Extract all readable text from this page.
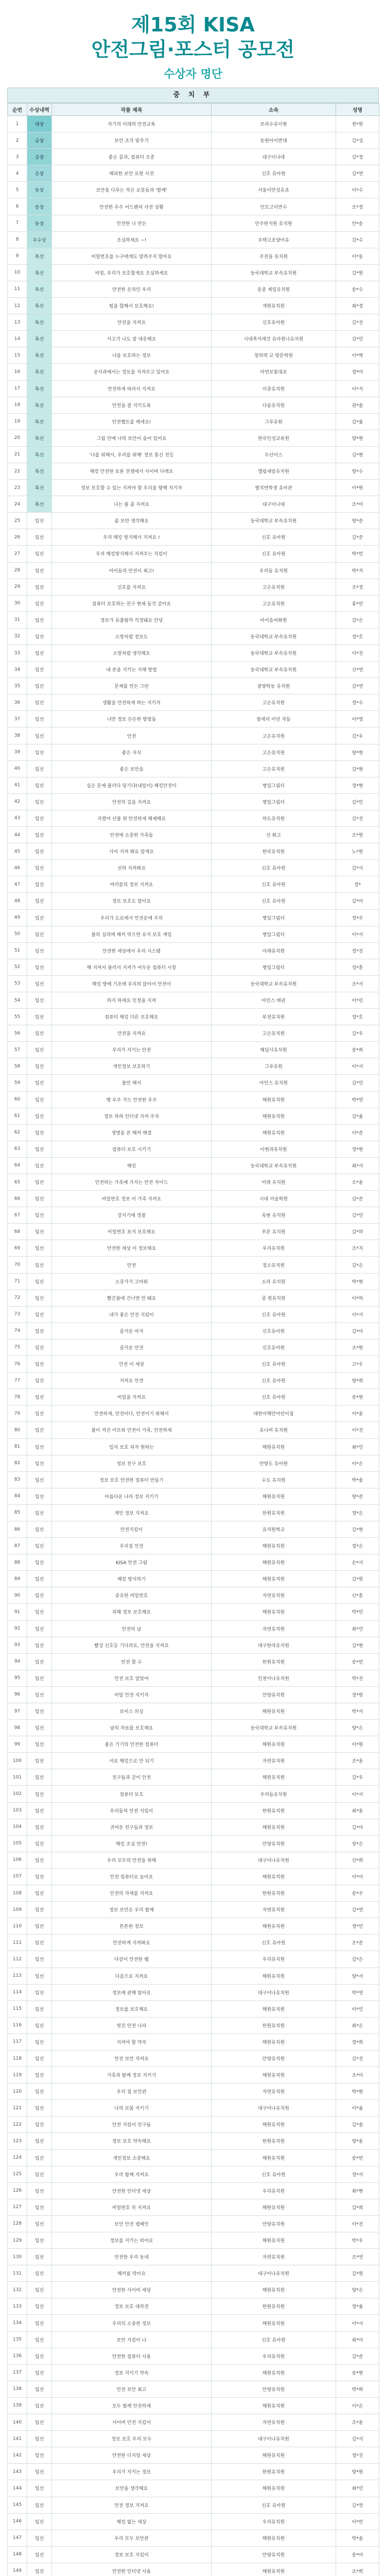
제15회 KISA
안전그림·포스터 공모전
수상자 명단
중 치 부
순번	수상내역	작품 제목	소속	성명
1	대상	자기의 미래의 안전교육	보라수유이현	천*원
2	금상	보안 조각 맞추기	동원아이반대	김*성
3	금상	좋은 꿈과, 컴퓨터 조종	대구이나대	김*정
4	은상	해피한 보안 요원 사전	신호 유아원	김*연
5	동상	보안을 다루는 작은 로봇들과 '함께'	서울이안성유초	이*수
6	동상	안전한 우주 어드벤처 사전 상황	인모고이만수	조*정
7	동상	안전한 나 만든	안주한지원 유치원	안*송
8	우수상	조심하세요 ~!	주택고초양어유	김*수
9	특선	비밀번호를 누구에게도 알려주지 말아요	주전을 유치원	이*동
10	특선	비빔, 우리가 보호할게요 조심하세요	동국대학교 부속유치원	김*원
11	특선	안전한 온라인 우리	웅중 제일유치원	송*수
12	특선	힘을 합해서 보호해요!	개원유치원	최*경
13	특선	안전을 지켜요	신호유아원	김*진
14	특선	사고가 나도 잘 대응해요	시대축지레건 유아원나유치원	김*민
15	특선	나를 보호하는 정보	창의력 교 방문학원	이*혁
16	특선	공사과에서는 정보를 지켜주고 있어요	아연보통대초	정*아
17	특선	안전하게 따라서 지켜요	이중유치원	이*지
18	특선	안전을 잘 지키도록	다솜유치원	권*솔
19	특선	안전벨트를 매세요!	그루유원	김*율
20	특선	그림 안에 나의 보안이 숨어 있어요	한국인성교육원	양*현
21	특선	'나를 위해서, 우리를 위해' 정보 통신 전등	두산이스	김*현
22	특선	해킹 안전한 토론 전쟁에서 사이버 다레요	엘림새알유치원	양*수
23	특선	정보 보호할 수 있는 지켜야 할 우리를 향해 지키자	펼치면학생 유아관	이*원
24	특선	나는 불 좀 지켜요	대구이나대	조*미
25	입선	좀 보안 생각해요	동국대학교 부속유치원	양*준
26	입선	우리 해킹 방지해서 지켜요 !	신호 유아원	김*준
27	입선	우리 해킹방지해서 지켜주는 지킴이	신호 유아원	박*빈
28	입선	아이들의 안전이 최고!	우리들 유치원	박*지
29	입선	신호를 지켜요	고은유치원	조*정
30	입선	컴퓨터 보호하는 친구 현재 들것 같아요	고은유치원	홍*빈
31	입선	정보가 유출될까 걱정돼요 안녕	아이솜씨화원	김*은
32	입선	소방처럼 정보도	동국대학교 부속유치원	정*호
33	입선	소방처럼 생각해요	동국대학교 부속유치원	이*진
34	입선	내 폰을 지키는 지혜 방법	동국대학교 부속유치원	신*연
35	입선	문제를 만든 그런	광양학동 유치원	김*연
36	입선	생활을 안전하게 하는 지키자	고은유치원	정*수
37	입선	나만 정보 든든한 방법들	필세리 어린 자들	이*영
38	입선	안전	고은유치원	김*우
39	입선	좋은 지식	고은유치원	양*현
40	입선	좋은 보안을	고은유치원	김*현
41	입선	실은 문제 불러다 당기다(내일이) 해킹안전이	병일그림터	정*현
42	입선	안전의 길을 지켜요	병일그림터	김*민
43	입선	지켰어 산불 위 안전하게 해제해요	하도유치원	김*진
44	입선	안전에 소중한 가족들	선 화고	조*원
45	입선	사이 지켜 봐요 알게요	한국유치원	노*원
46	입선	선의 지켜봐요	신호 유아원	김*서
47	입선	여러분의 정보 지켜요	신호 유아원	정*
48	입선	정보 보호도 알아요	신호 유아원	김*아
49	입선	우리가 도로에서 안전운에 주의	병일그림터	정*주
50	입선	불의 심의에 해커 막으면 유지 보호 게임	병일그림터	이*서
51	입선	안전한 세상에서 우리 시스템	아래유치원	정*진
52	입선	해 지켜서 불러서 지켜가 어두운 컴퓨터 시장	병일그림터	성*훈
53	입선	해킹 방에 기초에 우리의 앉아서 안전이	동국대학교 부속유치원	조*서
54	입선	하지 하세요 인정을 지켜	아인스 태권	이*린
55	입선	컴퓨터 해킹 다른 보호해요	부천유치원	정*호
56	입선	안전을 지켜요	고은유치원	김*우
57	입선	우리가 지키는 안전	해딜사유치원	송*희
58	입선	개인정보 보호하기	그루유원	이*서
59	입선	불안 해서	아인스 유치원	김*민
60	입선	행 우주 가드 안전한 우주	해원유치원	박*연
61	입선	정보 하하 인터넷 지켜 주자	해원유치원	김*율
62	입선	생명을 본 해커 해결	해원유치원	이*준
63	입선	컴퓨터 보호 시키기	이현과유치원	정*현
64	입선	해킹	동국대학교 부속유치원	최*서
65	입선	안전하는 가족에 가지는 안전 자이드	미래 유치원	오*윤
66	입선	비밀번호 정보 이 가족 지켜요	시대 미술학원	김*준
67	입선	강지기에 경찰	옥현 유치원	김*민
68	입선	비밀번호 표지 보호해요	푸른 유치원	김*하
69	입선	안전한 세상 이 정보해요	우리유치원	조*지
70	입선	안전	정소유치원	김*은
71	입선	소중가가 고마워	소라 유치원	박*현
72	입선	빨간불에 건너면 안 돼요	중 원유치원	이*하
73	입선	내가 좋은 안전 지킴이	신호 유아원	이*서
74	입선	즐거운 마지	신호유아원	김*아
75	입선	즐거운 안전	신호유아원	조*원
76	입선	안전 이 세상	신호 유아원	고*우
77	입선	지켜요 안전	신호 유아원	양*희
78	입선	비밀을 지켜요	신호 유아원	송*현
79	입선	안전하게, 안전이다, 안전이기 위해서	대한이해안어린이집	이*윤
80	입선	불이 꺼진 이모와 안전이 가족, 안전하게	유니버 유치원	이*진
81	입선	일자 보호 피자 원하는	해원유치원	최*인
82	입선	정보 친구 보호	안양도 유아원	이*은
83	입선	정보 보호 안전한 컴퓨터 만들기	수도 유치원	박*솔
84	입선	아름다운 나라 정보 지키기	해원유치원	양*준
85	입선	개인 정보 지켜요	한원유치원	정*은
86	입선	안전지킴이	유치원학교	김*현
87	입선	우리집 안전	해원유치원	정*은
88	입선	KISA 안전 그림	해원유치원	손*서
89	입선	해킹 방지하기	해원유치원	김*원
90	입선	중요한 비밀번호	자연유치원	신*훈
91	입선	피해 정보 보호해요	해원유치원	박*민
92	입선	안전의 날	자연유치원	최*민
93	입선	빨강 신호등 기다려요, 안전을 지켜요	대구한라유치원	김*현
94	입선	안전 할 수	한원유치원	송*빈
95	입선	안전 보호 알았어	인천이나유치원	박*진
96	입선	비밀 안전 지키자	안양유치원	정*원
97	입선	보이스 피싱	해원유치원	박*서
98	입선	남의 자료를 보호해요	동국대학교 부속유치원	양*은
99	입선	좋은 기기의 안전한 컴퓨터	해원유치원	이*원
100	입선	서로 해킹으로 안 되기	자연유치원	조*윤
101	입선	친구들과 같이 안전	해원유치원	김*우
102	입선	컴퓨터 보호	우리들유치원	이*서
103	입선	우리들의 안전 지킴이	한원유치원	최*윤
104	입선	귀여운 친구들과 정보	해원유치원	김*아
105	입선	해킹 조심 안전!	안양유치원	장*은
106	입선	우리 모두의 안전을 위해	대구이나유치원	신*희
107	입선	안전 컴퓨터로 놀아요	해원유치원	이*아
108	입선	안전의 자세를 지켜요	한원유치원	송*주
109	입선	정보 보안은 우리 함께	자연유치원	김*연
110	입선	튼튼한 정보	해원유치원	정*민
111	입선	안전하게 지켜봐요	신호 유아원	조*준
112	입선	다같이 안전한 웹	우리유치원	김*은
113	입선	다음으로 지켜요	해원유치원	양*서
114	입선	정보에 관해 알아요	대구이나유치원	박*연
115	입선	정보를 보호해요	해원유치원	이*민
116	입선	멋진 안전 나라	한원유치원	최*은
117	입선	지켜야 할 약속	해원유치원	정*희
118	입선	안전 보안 지켜요	안양유치원	김*진
119	입선	가족과 함께 정보 지키기	해원유치원	조*아
120	입선	우리 집 보안관	자연유치원	박*원
121	입선	나의 보물 지키기	대구이나유치원	이*율
122	입선	안전 지킴이 친구들	해원유치원	김*솔
123	입선	정보 보호 약속해요	한원유치원	양*윤
124	입선	개인정보 소중해요	해원유치원	송*빈
125	입선	우리 함께 지켜요	신호 유아원	정*서
126	입선	안전한 인터넷 세상	우리유치원	최*현
127	입선	비밀번호 꼭 지켜요	해원유치원	김*희
128	입선	보안 안전 캠페인	안양유치원	이*진
129	입선	정보를 지키는 히어로	해원유치원	박*우
130	입선	안전한 우리 동네	자연유치원	조*연
131	입선	해커를 막아요	대구이나유치원	김*원
132	입선	안전한 사이버 세상	해원유치원	양*은
133	입선	정보 보호 대작전	한원유치원	정*율
134	입선	우리의 소중한 정보	해원유치원	이*서
135	입선	보안 지킴이 나	신호 유아원	최*아
136	입선	안전한 컴퓨터 사용	우리유치원	김*준
137	입선	정보 지키기 약속	해원유치원	송*현
138	입선	안전 보안 최고	안양유치원	박*희
139	입선	모두 함께 안전하게	해원유치원	이*은
140	입선	사이버 안전 지킴이	자연유치원	조*윤
141	입선	정보 보호 우리 모두	대구이나유치원	김*서
142	입선	안전한 디지털 세상	해원유치원	정*진
143	입선	우리가 지키는 정보	한원유치원	양*원
144	입선	보안을 생각해요	해원유치원	최*민
145	입선	안전 정보 지켜요	신호 유아원	김*연
146	입선	해킹 없는 세상	우리유치원	이*빈
147	입선	우리 모두 보안관	해원유치원	박*솔
148	입선	정보 보호 지킴이	안양유치원	송*아
149	입선	안전한 인터넷 사용	해원유치원	조*희
